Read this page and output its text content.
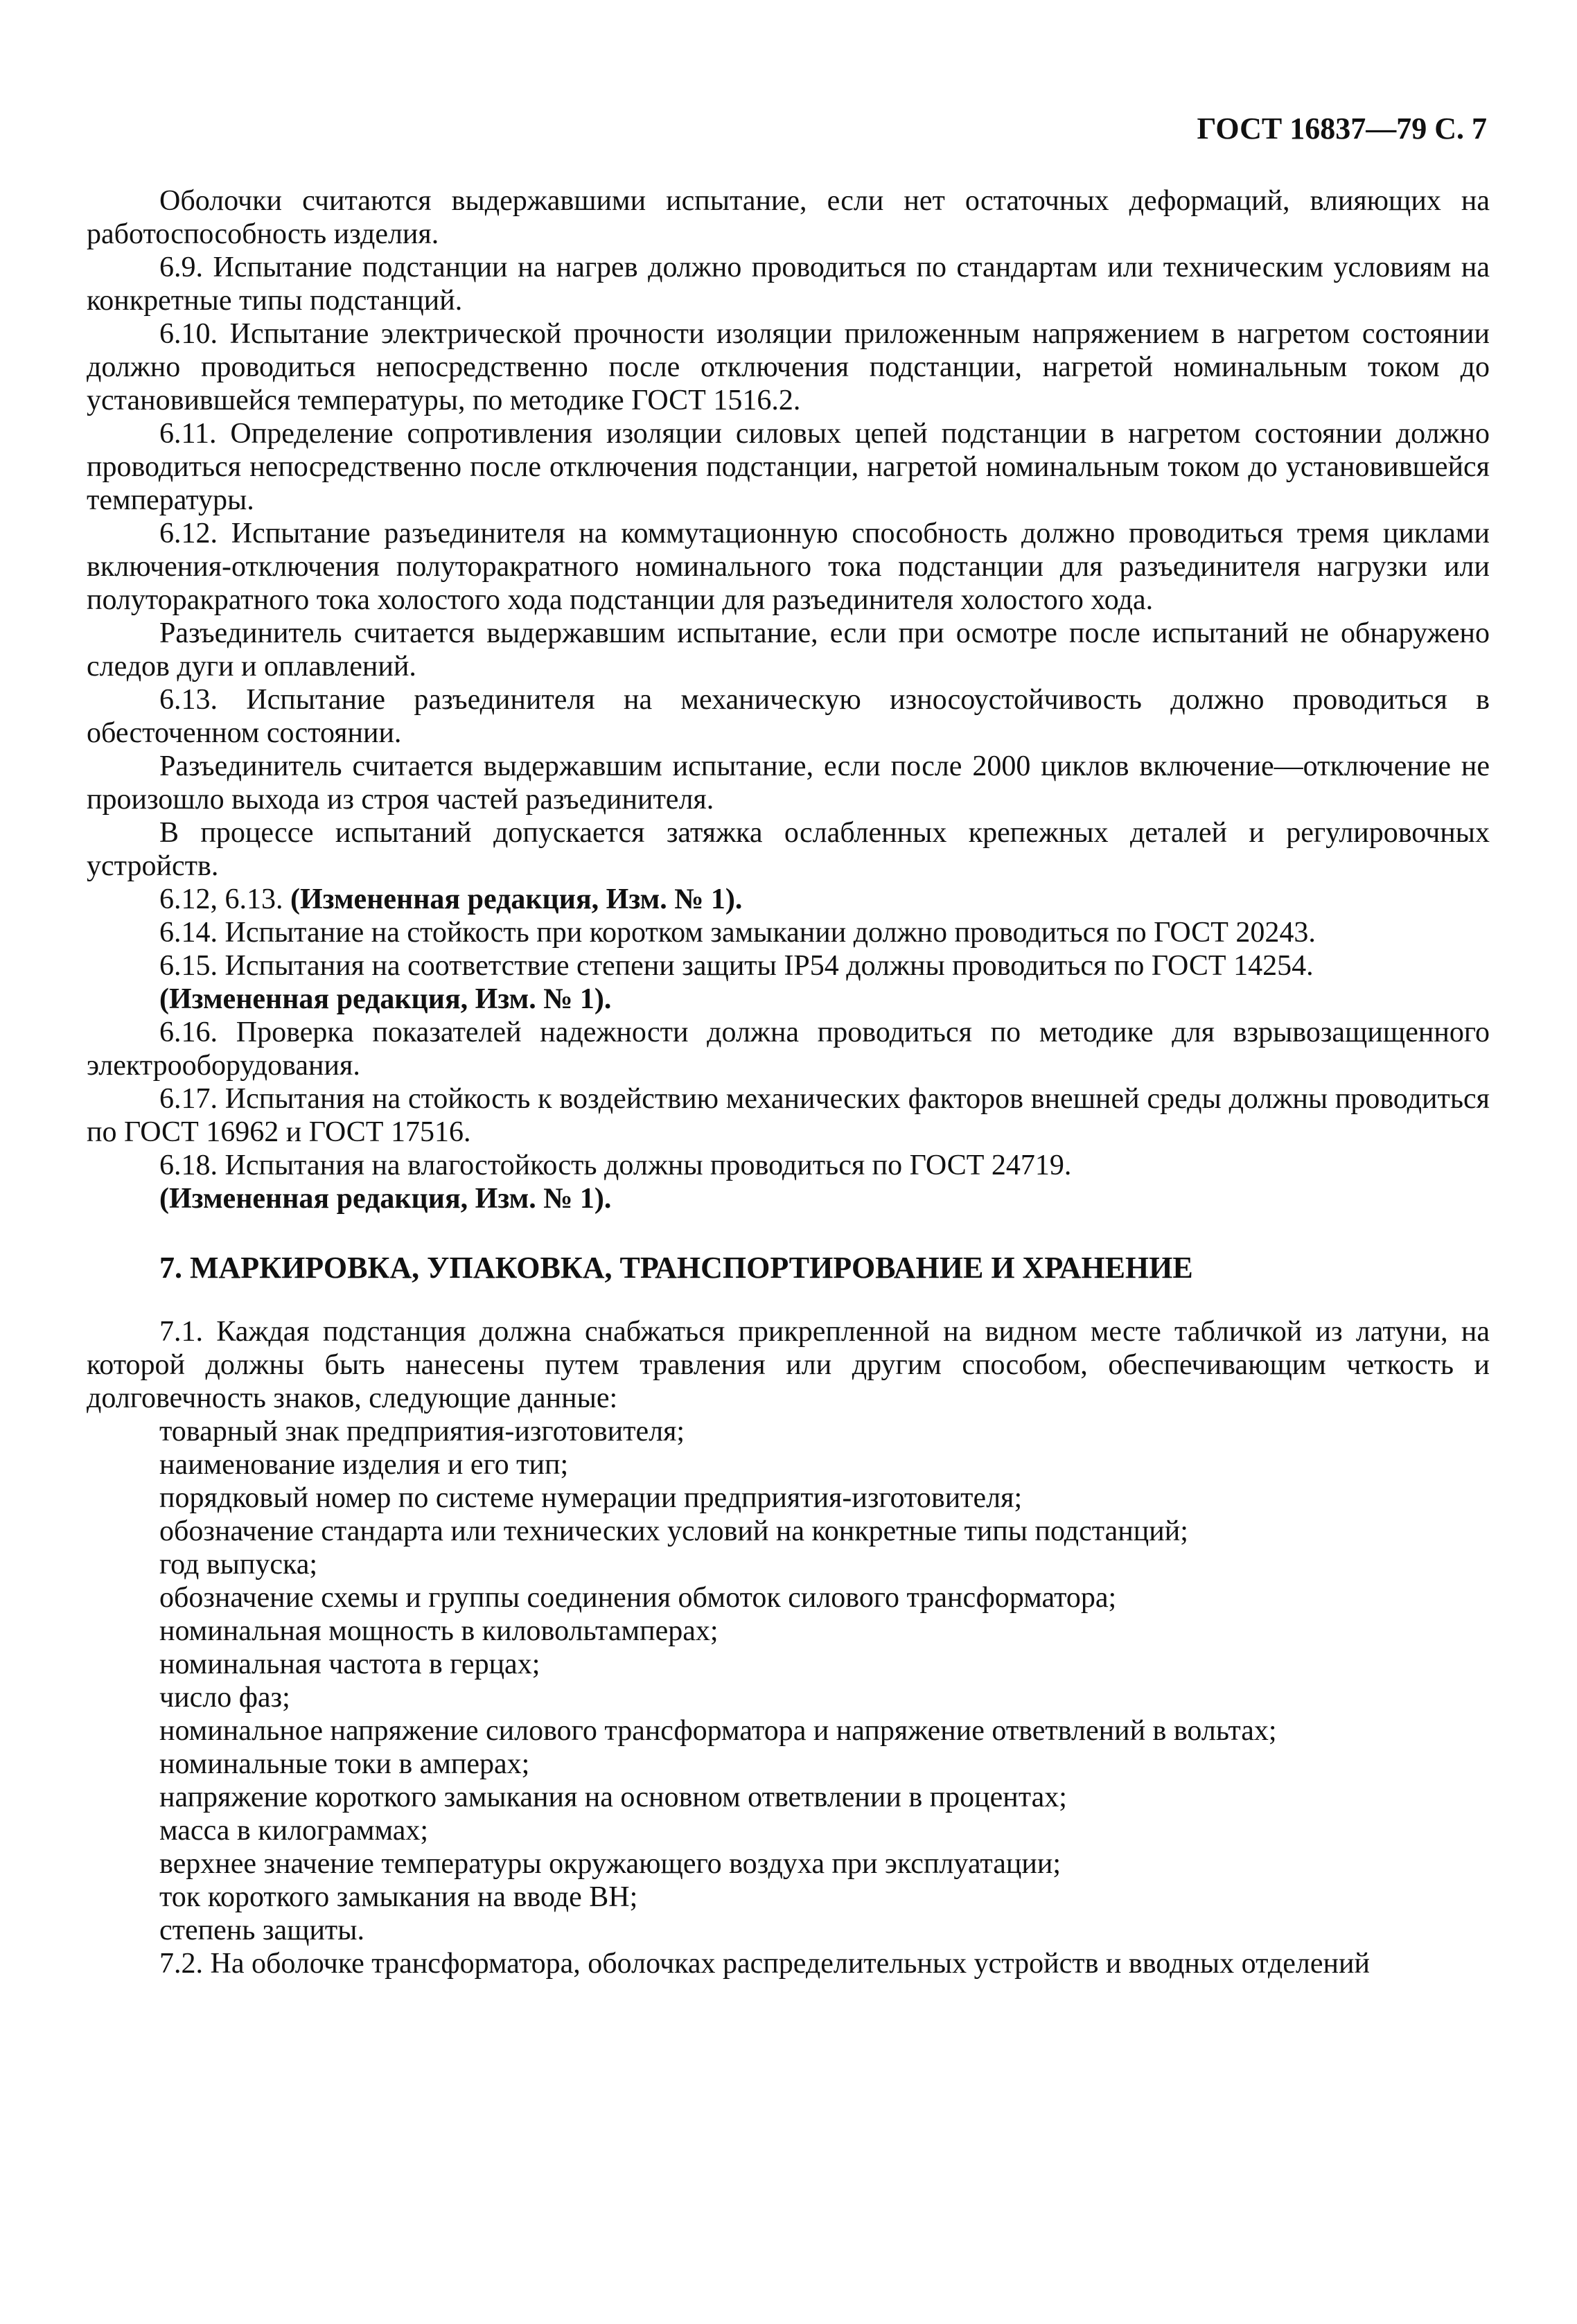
ГОСТ 16837—79 С. 7

Оболочки считаются выдержавшими испытание, если нет остаточных деформаций, влияющих на работоспособность изделия.

6.9. Испытание подстанции на нагрев должно проводиться по стандартам или техническим условиям на конкретные типы подстанций.

6.10. Испытание электрической прочности изоляции приложенным напряжением в нагретом состоянии должно проводиться непосредственно после отключения подстанции, нагретой номинальным током до установившейся температуры, по методике ГОСТ 1516.2.

6.11. Определение сопротивления изоляции силовых цепей подстанции в нагретом состоянии должно проводиться непосредственно после отключения подстанции, нагретой номинальным током до установившейся температуры.

6.12. Испытание разъединителя на коммутационную способность должно проводиться тремя циклами включения-отключения полуторакратного номинального тока подстанции для разъединителя нагрузки или полуторакратного тока холостого хода подстанции для разъединителя холостого хода.

Разъединитель считается выдержавшим испытание, если при осмотре после испытаний не обнаружено следов дуги и оплавлений.

6.13. Испытание разъединителя на механическую износоустойчивость должно проводиться в обесточенном состоянии.

Разъединитель считается выдержавшим испытание, если после 2000 циклов включение—отключение не произошло выхода из строя частей разъединителя.

В процессе испытаний допускается затяжка ослабленных крепежных деталей и регулировочных устройств.

6.12, 6.13. (Измененная редакция, Изм. № 1).

6.14. Испытание на стойкость при коротком замыкании должно проводиться по ГОСТ 20243.

6.15. Испытания на соответствие степени защиты IP54 должны проводиться по ГОСТ 14254.

(Измененная редакция, Изм. № 1).

6.16. Проверка показателей надежности должна проводиться по методике для взрывозащищенного электрооборудования.

6.17. Испытания на стойкость к воздействию механических факторов внешней среды должны проводиться по ГОСТ 16962 и ГОСТ 17516.

6.18. Испытания на влагостойкость должны проводиться по ГОСТ 24719.

(Измененная редакция, Изм. № 1).

7. МАРКИРОВКА, УПАКОВКА, ТРАНСПОРТИРОВАНИЕ И ХРАНЕНИЕ

7.1. Каждая подстанция должна снабжаться прикрепленной на видном месте табличкой из латуни, на которой должны быть нанесены путем травления или другим способом, обеспечивающим четкость и долговечность знаков, следующие данные:

товарный знак предприятия-изготовителя;
наименование изделия и его тип;
порядковый номер по системе нумерации предприятия-изготовителя;
обозначение стандарта или технических условий на конкретные типы подстанций;
год выпуска;
обозначение схемы и группы соединения обмоток силового трансформатора;
номинальная мощность в киловольтамперах;
номинальная частота в герцах;
число фаз;
номинальное напряжение силового трансформатора и напряжение ответвлений в вольтах;
номинальные токи в амперах;
напряжение короткого замыкания на основном ответвлении в процентах;
масса в килограммах;
верхнее значение температуры окружающего воздуха при эксплуатации;
ток короткого замыкания на вводе ВН;
степень защиты.

7.2. На оболочке трансформатора, оболочках распределительных устройств и вводных отделений
